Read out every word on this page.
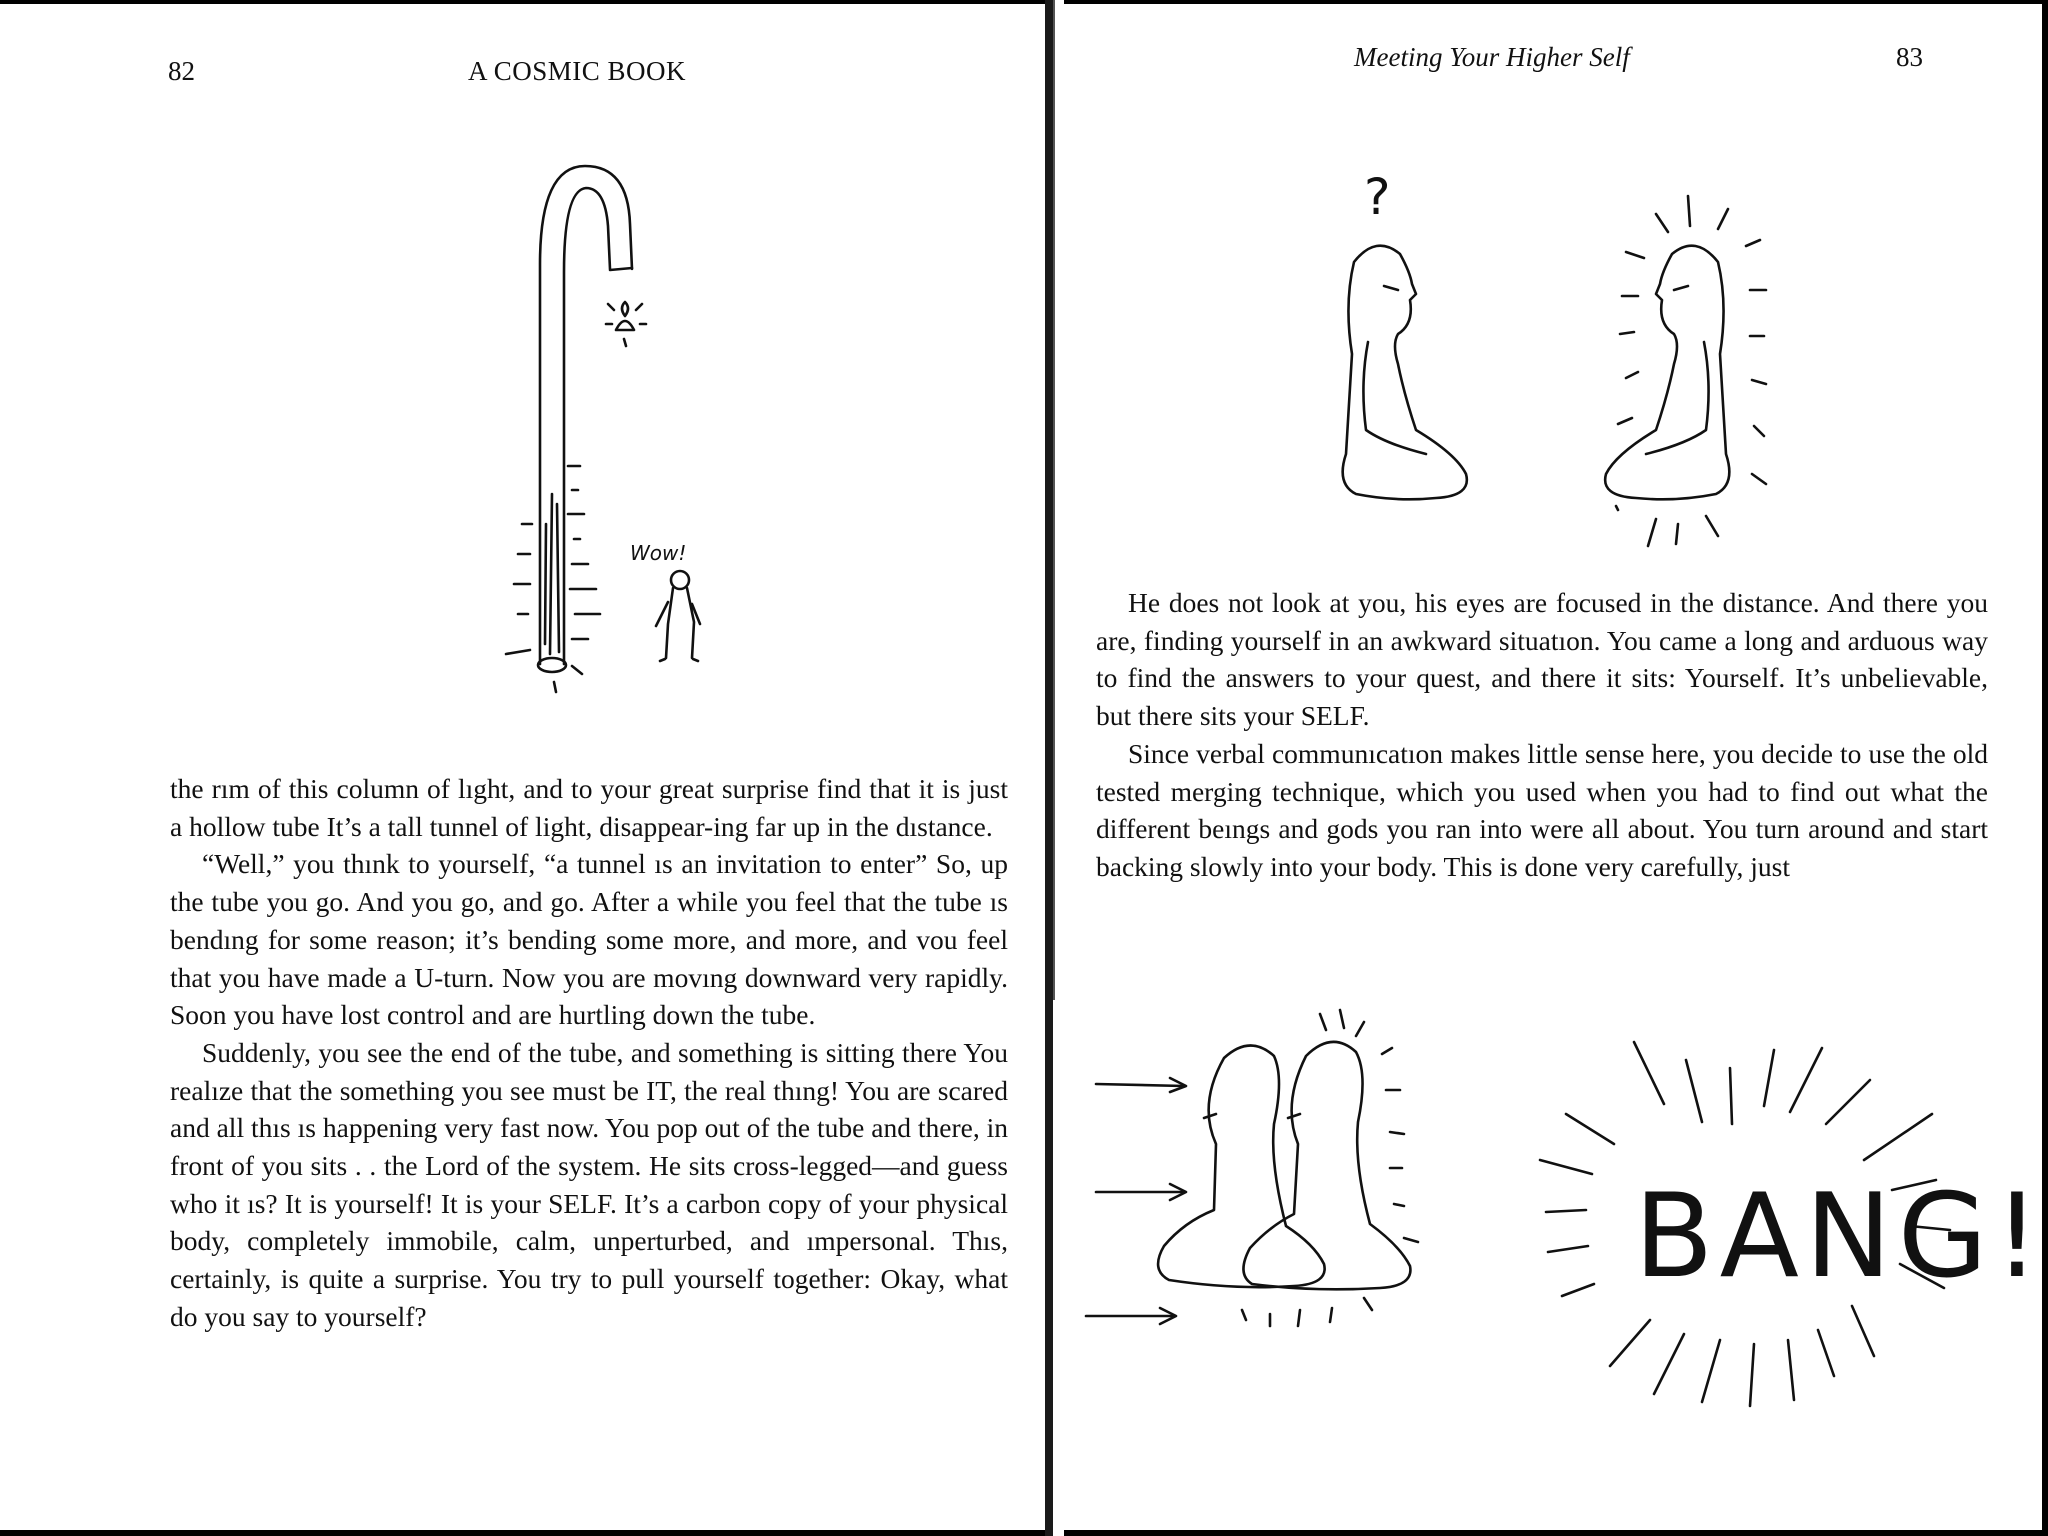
82	A COSMIC BOOK
Wow!

the rım of this column of lıght, and to your great surprise find that it is just a hollow tube It’s a tall tunnel of light, disappear-ing far up in the dıstance.

“Well,” you thınk to yourself, “a tunnel ıs an invitation to enter” So, up the tube you go. And you go, and go. After a while you feel that the tube ıs bendıng for some reason; it’s bending some more, and more, and vou feel that you have made a U-turn. Now you are movıng downward very rapidly. Soon you have lost control and are hurtling down the tube.

Suddenly, you see the end of the tube, and something is sitting there You realıze that the something you see must be IT, the real thıng! You are scared and all thıs ıs happening very fast now. You pop out of the tube and there, in front of you sits . . the Lord of the system. He sits cross-legged—and guess who it ıs? It is yourself! It is your SELF. It’s a carbon copy of your physical body, completely immobile, calm, unperturbed, and ımpersonal. Thıs, certainly, is quite a surprise. You try to pull yourself together: Okay, what do you say to yourself?

Meeting Your Higher Self	83
?

He does not look at you, his eyes are focused in the distance. And there you are, finding yourself in an awkward situatıon. You came a long and arduous way to find the answers to your quest, and there it sits: Yourself. It’s unbelievable, but there sits your SELF.

Since verbal communıcatıon makes little sense here, you decide to use the old tested merging technique, which you used when you had to find out what the different beıngs and gods you ran into were all about. You turn around and start backing slowly into your body. This is done very carefully, just

BANG!
